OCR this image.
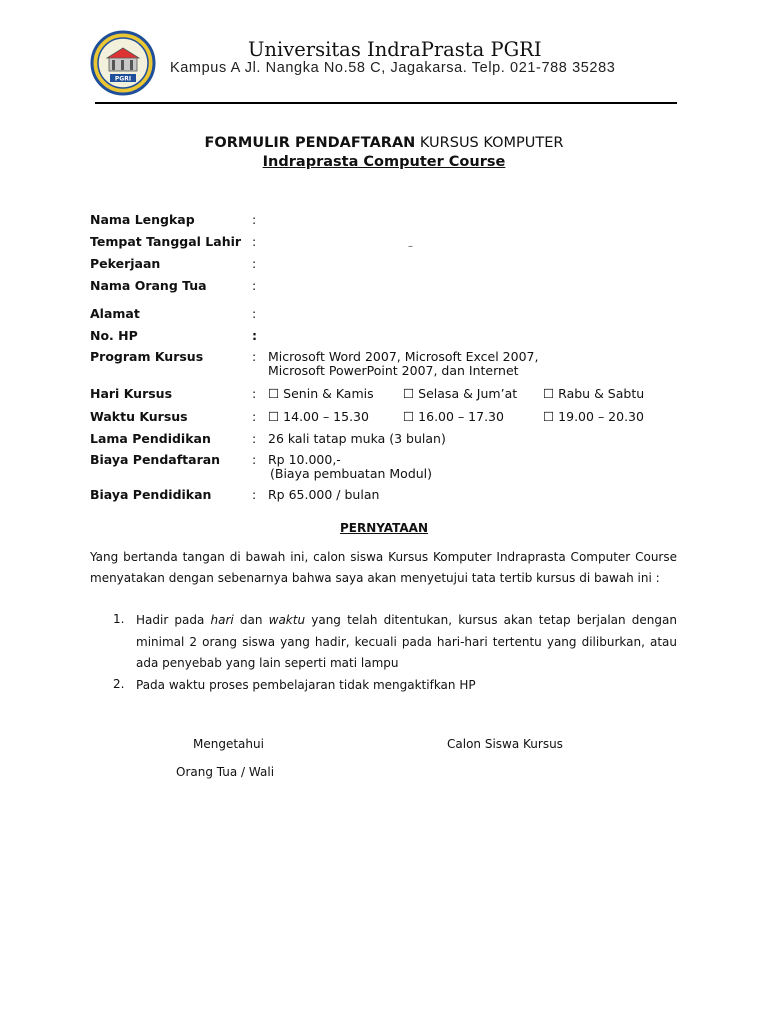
PGRI
Universitas IndraPrasta PGRI
Kampus A Jl. Nangka No.58 C, Jagakarsa. Telp. 021-788 35283
FORMULIR PENDAFTARAN KURSUS KOMPUTER
Indraprasta Computer Course
Nama Lengkap	:
Tempat Tanggal Lahir :	–
Pekerjaan	:
Nama Orang Tua	:
Alamat	:
No. HP	:
Program Kursus	: Microsoft Word 2007, Microsoft Excel 2007,
Microsoft PowerPoint 2007, dan Internet
Hari Kursus	: ☐ Senin & Kamis ☐ Selasa & Jum’at ☐ Rabu & Sabtu
Waktu Kursus	: ☐ 14.00 – 15.30	☐ 16.00 – 17.30	☐ 19.00 – 20.30
Lama Pendidikan	: 26 kali tatap muka (3 bulan)
Biaya Pendaftaran	: Rp 10.000,-
(Biaya pembuatan Modul)
Biaya Pendidikan	: Rp 65.000 / bulan
PERNYATAAN
Yang bertanda tangan di bawah ini, calon siswa Kursus Komputer Indraprasta Computer Course menyatakan dengan sebenarnya bahwa saya akan menyetujui tata tertib kursus di bawah ini :
1. Hadir pada hari dan waktu yang telah ditentukan, kursus akan tetap berjalan dengan minimal 2 orang siswa yang hadir, kecuali pada hari-hari tertentu yang diliburkan, atau ada penyebab yang lain seperti mati lampu
2. Pada waktu proses pembelajaran tidak mengaktifkan HP
Mengetahui
Orang Tua / Wali
Calon Siswa Kursus
